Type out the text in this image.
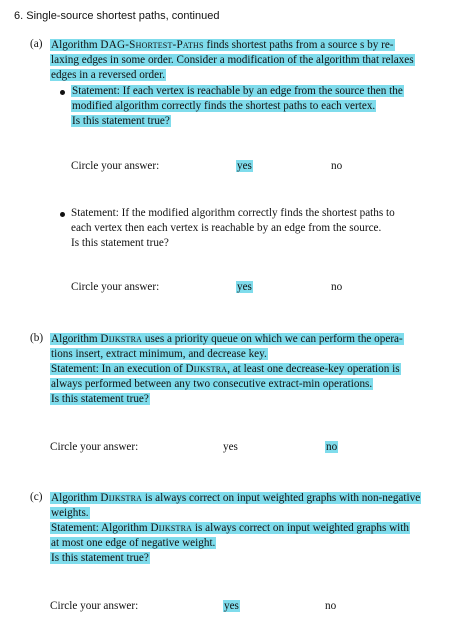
6. Single-source shortest paths, continued
(a) Algorithm DAG-Shortest-Paths finds shortest paths from a source s by re-
laxing edges in some order. Consider a modification of the algorithm that relaxes
edges in a reversed order.
Statement: If each vertex is reachable by an edge from the source then the
modified algorithm correctly finds the shortest paths to each vertex.
Is this statement true?
Circle your answer:	yes	no
Statement: If the modified algorithm correctly finds the shortest paths to
each vertex then each vertex is reachable by an edge from the source.
Is this statement true?
Circle your answer:	yes	no
(b) Algorithm Dijkstra uses a priority queue on which we can perform the opera-
tions insert, extract minimum, and decrease key.
Statement: In an execution of Dijkstra, at least one decrease-key operation is
always performed between any two consecutive extract-min operations.
Is this statement true?
Circle your answer:	yes	no
(c) Algorithm Dijkstra is always correct on input weighted graphs with non-negative
weights.
Statement: Algorithm Dijkstra is always correct on input weighted graphs with
at most one edge of negative weight.
Is this statement true?
Circle your answer:	yes	no
